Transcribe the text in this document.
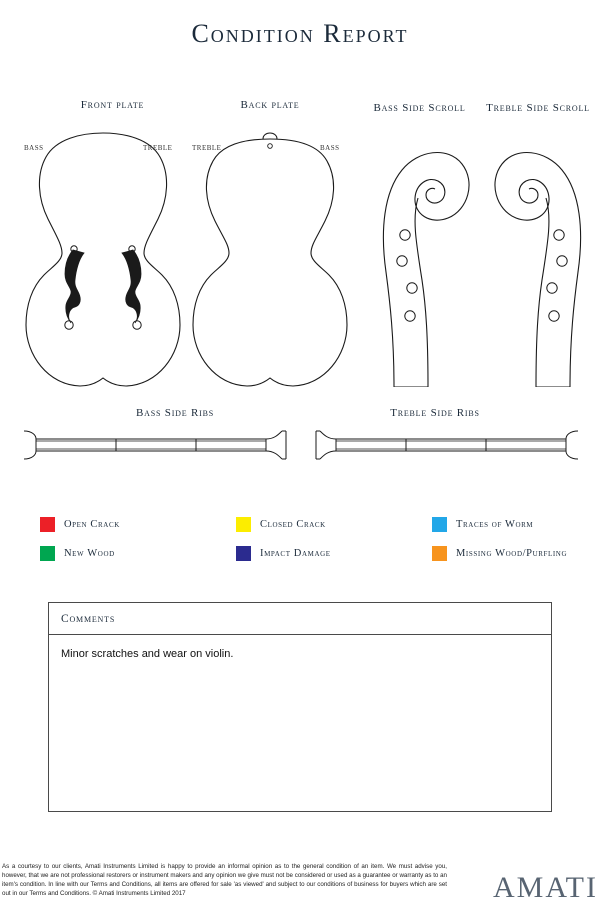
Condition Report
Front plate
BASS	TREBLE
Back plate
TREBLE	BASS
Bass Side Scroll	Treble Side Scroll
Bass Side Ribs	Treble Side Ribs
Open Crack	Closed Crack	Traces of Worm
New Wood	Impact Damage	Missing Wood/Purfling
Comments
Minor scratches and wear on violin.
As a courtesy to our clients, Amati Instruments Limited is happy to provide an informal opinion as to the general condition of an item. We must advise you, however, that we are not professional restorers or instrument makers and any opinion we give must not be considered or used as a guarantee or warranty as to an item's condition. In line with our Terms and Conditions, all items are offered for sale 'as viewed' and subject to our conditions of business for buyers which are set out in our Terms and Conditions. © Amati Instruments Limited 2017	AMATI
